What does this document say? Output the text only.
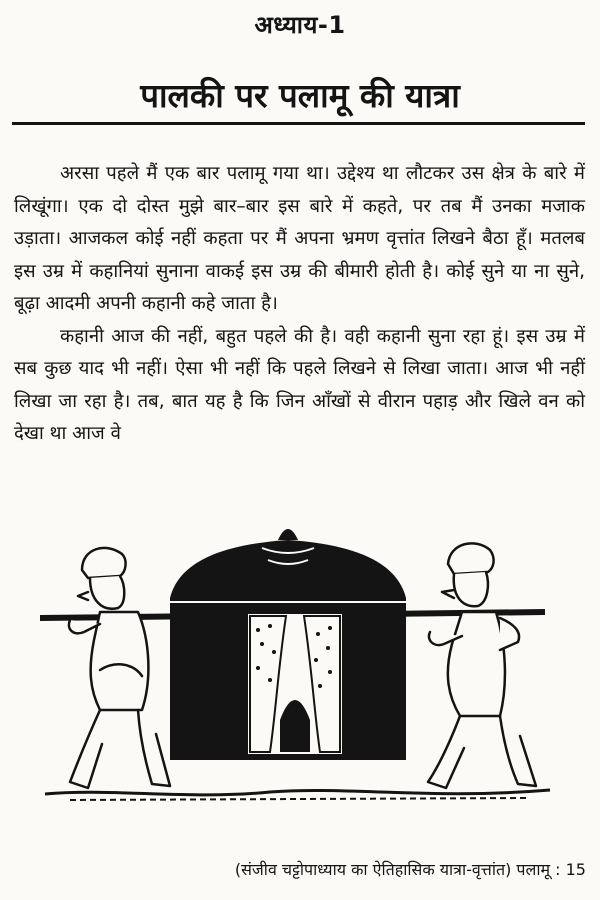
अध्याय-1
पालकी पर पलामू की यात्रा

अरसा पहले मैं एक बार पलामू गया था। उद्देश्य था लौटकर उस क्षेत्र के बारे में लिखूंगा। एक दो दोस्त मुझे बार–बार इस बारे में कहते, पर तब मैं उनका मजाक उड़ाता। आजकल कोई नहीं कहता पर मैं अपना भ्रमण वृत्तांत लिखने बैठा हूँ। मतलब इस उम्र में कहानियां सुनाना वाकई इस उम्र की बीमारी होती है। कोई सुने या ना सुने, बूढ़ा आदमी अपनी कहानी कहे जाता है।

कहानी आज की नहीं, बहुत पहले की है। वही कहानी सुना रहा हूं। इस उम्र में सब कुछ याद भी नहीं। ऐसा भी नहीं कि पहले लिखने से लिखा जाता। आज भी नहीं लिखा जा रहा है। तब, बात यह है कि जिन आँखों से वीरान पहाड़ और खिले वन को देखा था आज वे

(संजीव चट्टोपाध्याय का ऐतिहासिक यात्रा-वृत्तांत) पलामू : 15
